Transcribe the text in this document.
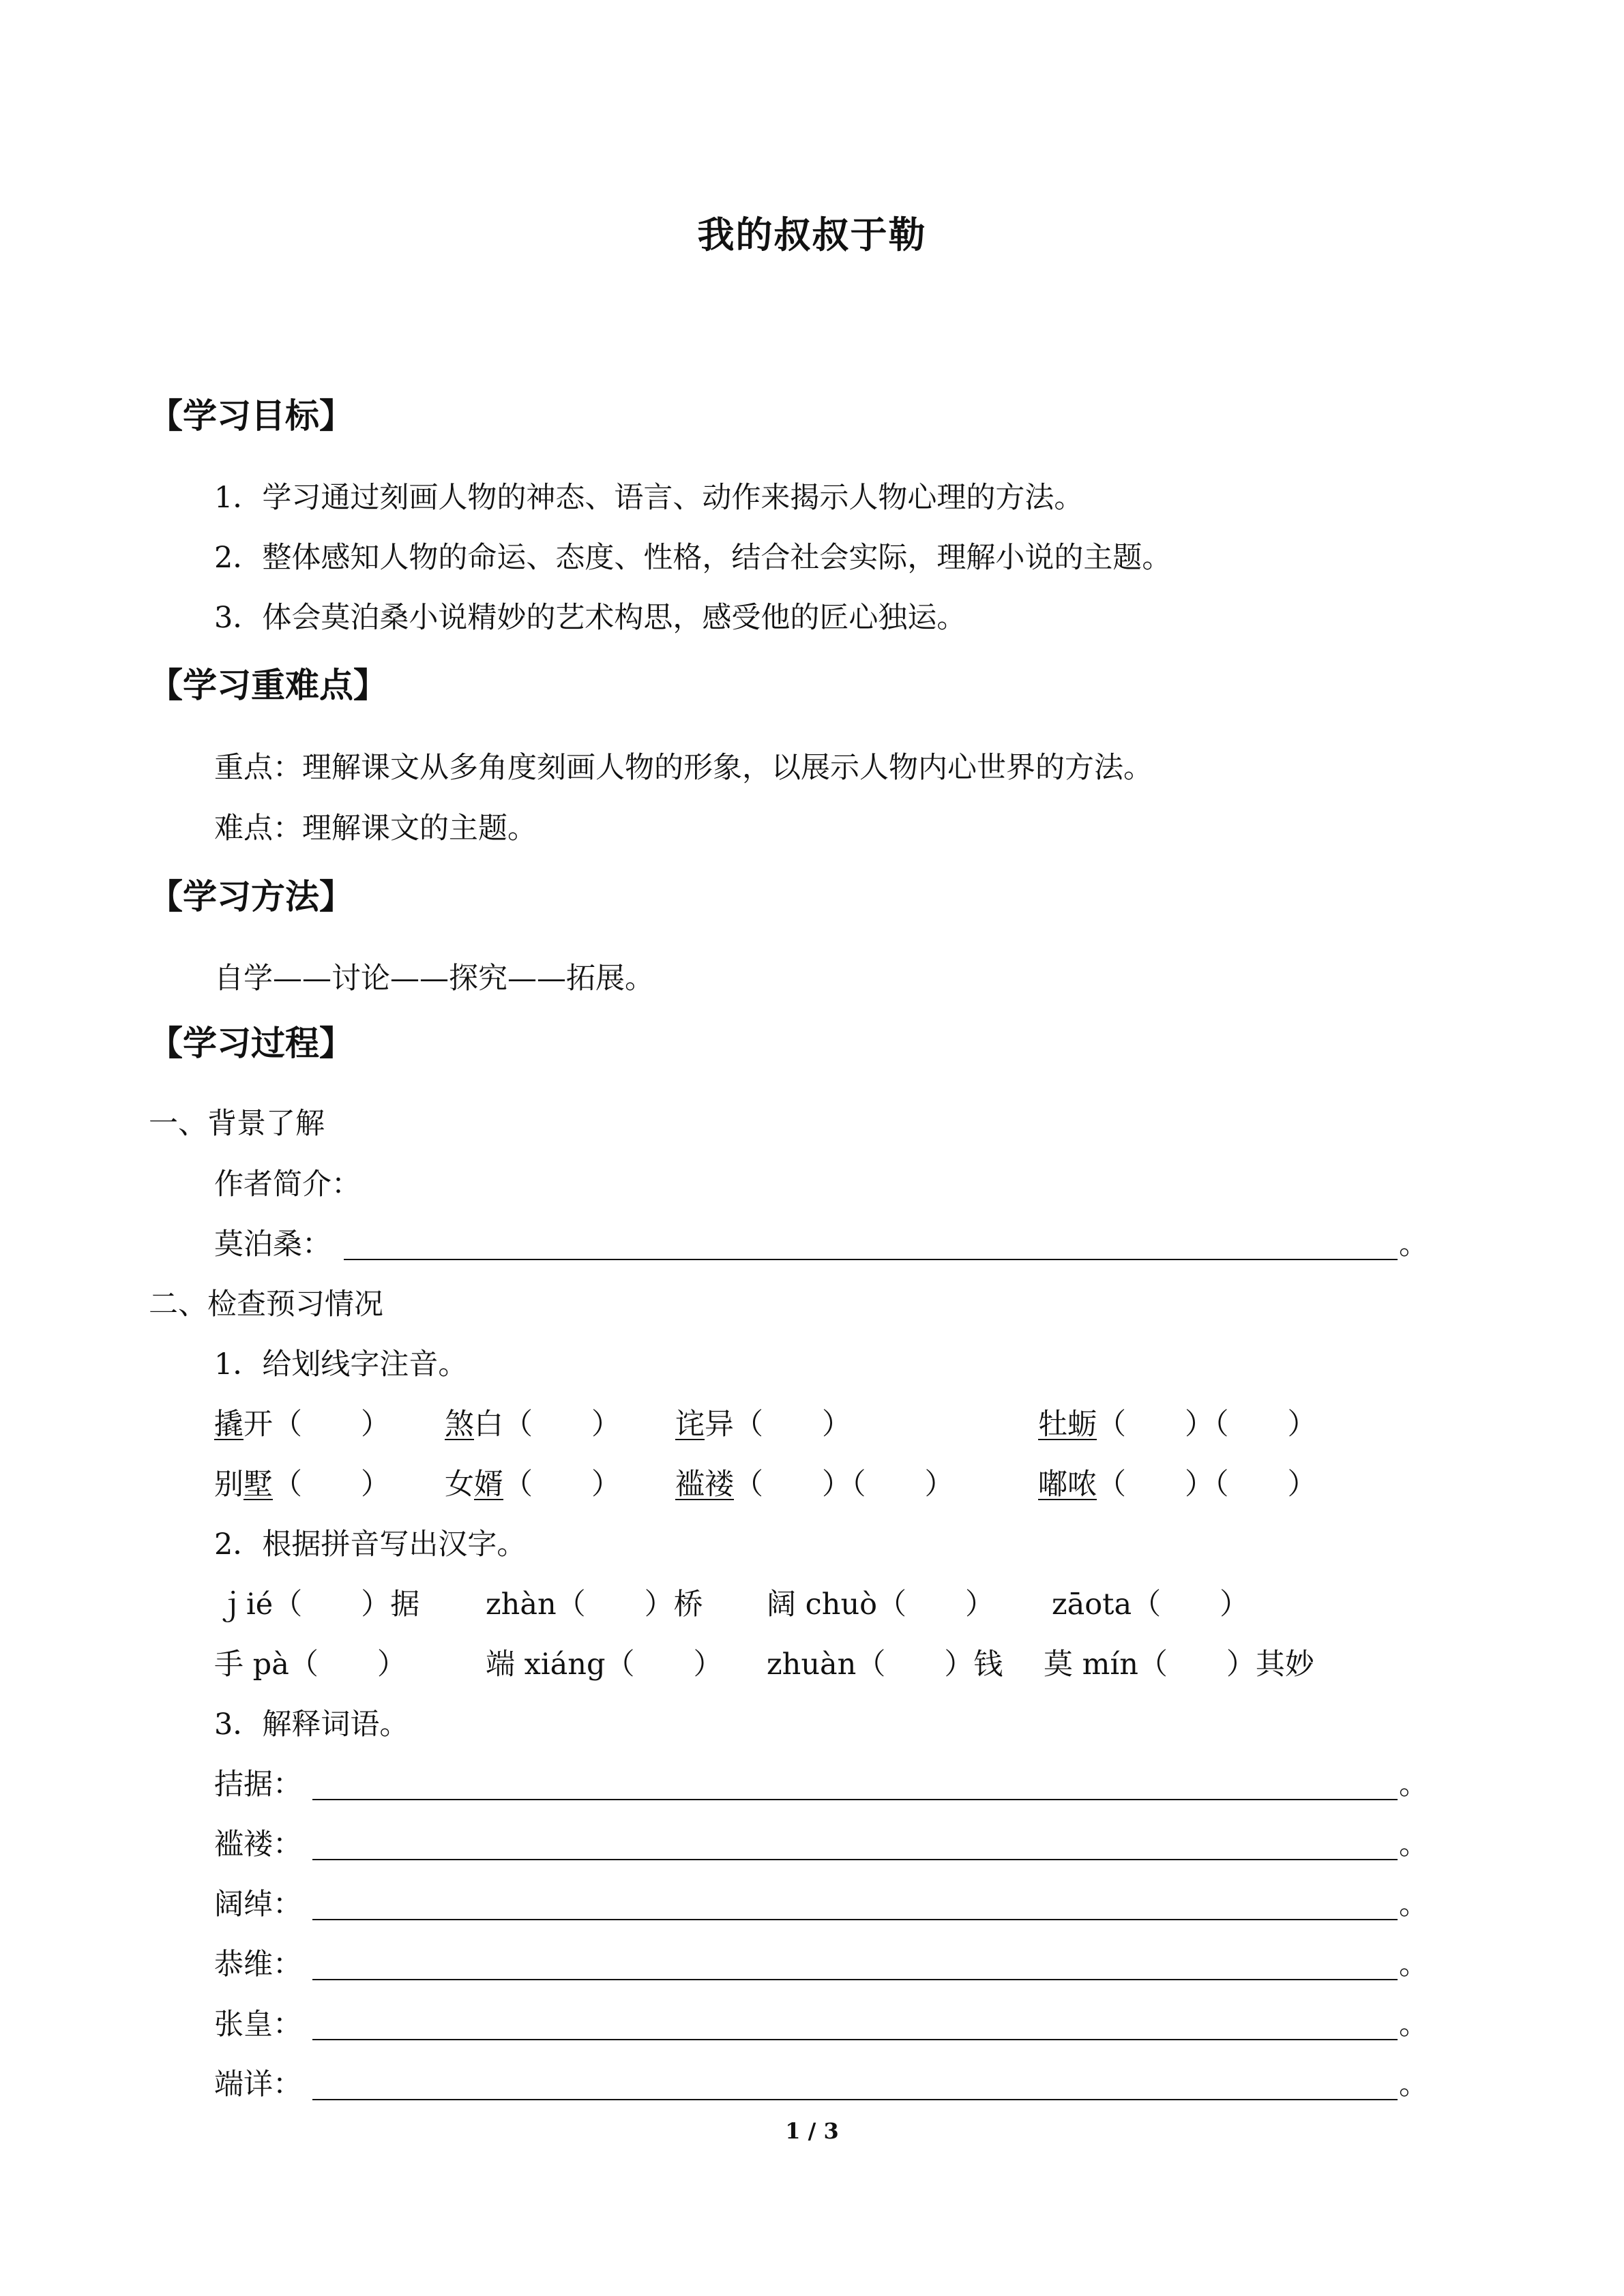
我的叔叔于勒
【学习目标】
1．学习通过刻画人物的神态、语言、动作来揭示人物心理的方法。
2．整体感知人物的命运、态度、性格，结合社会实际，理解小说的主题。
3．体会莫泊桑小说精妙的艺术构思，感受他的匠心独运。
【学习重难点】
重点：理解课文从多角度刻画人物的形象，以展示人物内心世界的方法。
难点：理解课文的主题。
【学习方法】
自学——讨论——探究——拓展。
【学习过程】
一、背景了解
作者简介：
莫泊桑：	。
二、检查预习情况
1．给划线字注音。
撬开（　　） 煞白（　　） 诧异（　　）	牡蛎（　　）（　　）
别墅（　　） 女婿（　　） 褴褛（　　）（　　）	嘟哝（　　）（　　）
2．根据拼音写出汉字。
ｊié（　　）据 zhàn（　　）桥 阔 chuò（　　） zāota（　　）
手 pà（　　）	端 xiáng（　　） zhuàn（　　）钱 莫 mín（　　）其妙
3．解释词语。
拮据：	。
褴褛：	。
阔绰：	。
恭维：	。
张皇：	。
端详：	。
1 / 3
